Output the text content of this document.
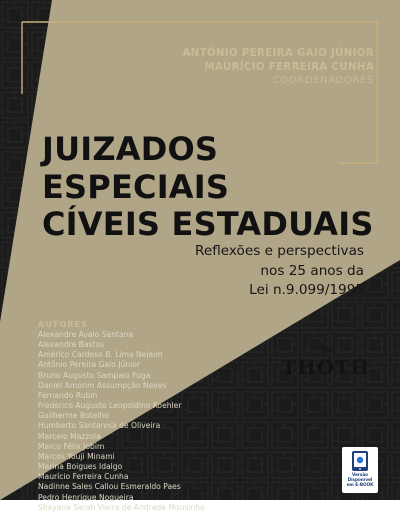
ANTÔNIO PEREIRA GAIO JÚNIOR
MAURÍCIO FERREIRA CUNHA
COORDENADORES
JUIZADOS
ESPECIAIS
CÍVEIS ESTADUAIS
Reflexões e perspectivas
nos 25 anos da
Lei n.9.099/1995
AUTORES
Alexandre Ávalo Santana
Alexandre Bastos
Américo Cardoso B. Lima Nejaim
Antônio Pereira Gaio Júnior
Bruno Augusto Sampaio Fuga
Daniel Amorim Assumpção Neves
Fernando Rubin
Frederico Augusto Leopoldino Koehler
Guilherme Botelho
Humberto Santarosa de Oliveira
Marcelo Mazzola
Marco Félix Jobim
Marcos Youji Minami
Marina Boigues Idalgo
Maurício Ferreira Cunha
Nadinne Sales Callou Esmeraldo Paes
Pedro Henrique Nogueira
Shayana Sarah Vieira de Andrade Mousinho
THOTH
EDITORA
Versão
Disponível
em E-BOOK
